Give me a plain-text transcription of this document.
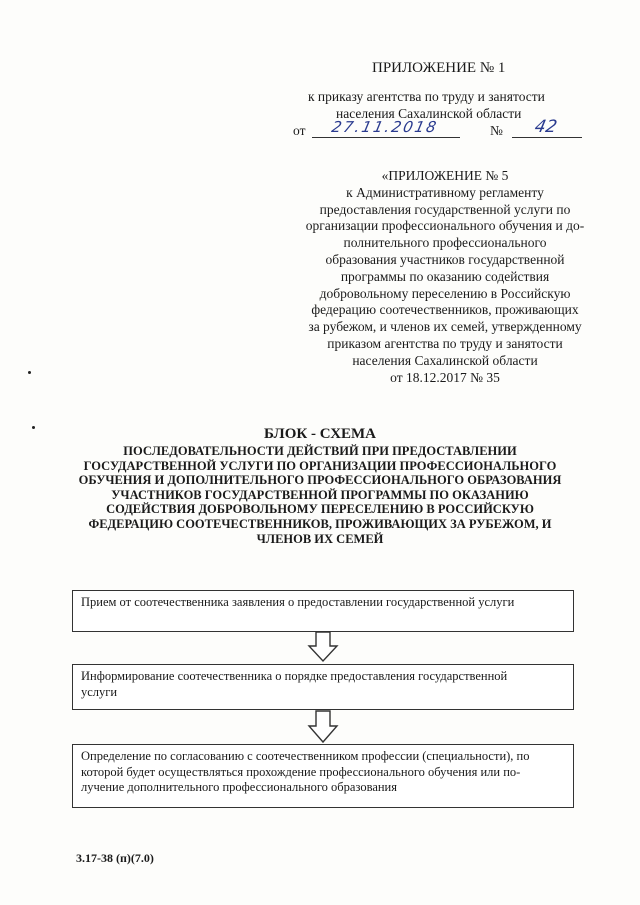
ПРИЛОЖЕНИЕ № 1
к приказу агентства по труду и занятости
населения Сахалинской области
от 27.11.2018	№ 42
«ПРИЛОЖЕНИЕ № 5
к Административному регламенту
предоставления государственной услуги по
организации профессионального обучения и до-
полнительного профессионального
образования участников государственной
программы по оказанию содействия
добровольному переселению в Российскую
федерацию соотечественников, проживающих
за рубежом, и членов их семей, утвержденному
приказом агентства по труду и занятости
населения Сахалинской области
от 18.12.2017 № 35
БЛОК - СХЕМА
ПОСЛЕДОВАТЕЛЬНОСТИ ДЕЙСТВИЙ ПРИ ПРЕДОСТАВЛЕНИИ
ГОСУДАРСТВЕННОЙ УСЛУГИ ПО ОРГАНИЗАЦИИ ПРОФЕССИОНАЛЬНОГО
ОБУЧЕНИЯ И ДОПОЛНИТЕЛЬНОГО ПРОФЕССИОНАЛЬНОГО ОБРАЗОВАНИЯ
УЧАСТНИКОВ ГОСУДАРСТВЕННОЙ ПРОГРАММЫ ПО ОКАЗАНИЮ
СОДЕЙСТВИЯ ДОБРОВОЛЬНОМУ ПЕРЕСЕЛЕНИЮ В РОССИЙСКУЮ
ФЕДЕРАЦИЮ СООТЕЧЕСТВЕННИКОВ, ПРОЖИВАЮЩИХ ЗА РУБЕЖОМ, И
ЧЛЕНОВ ИХ СЕМЕЙ
Прием от соотечественника заявления о предоставлении государственной услуги
Информирование соотечественника о порядке предоставления государственной
услуги
Определение по согласованию с соотечественником профессии (специальности), по
которой будет осуществляться прохождение профессионального обучения или по-
лучение дополнительного профессионального образования
3.17-38 (п)(7.0)
